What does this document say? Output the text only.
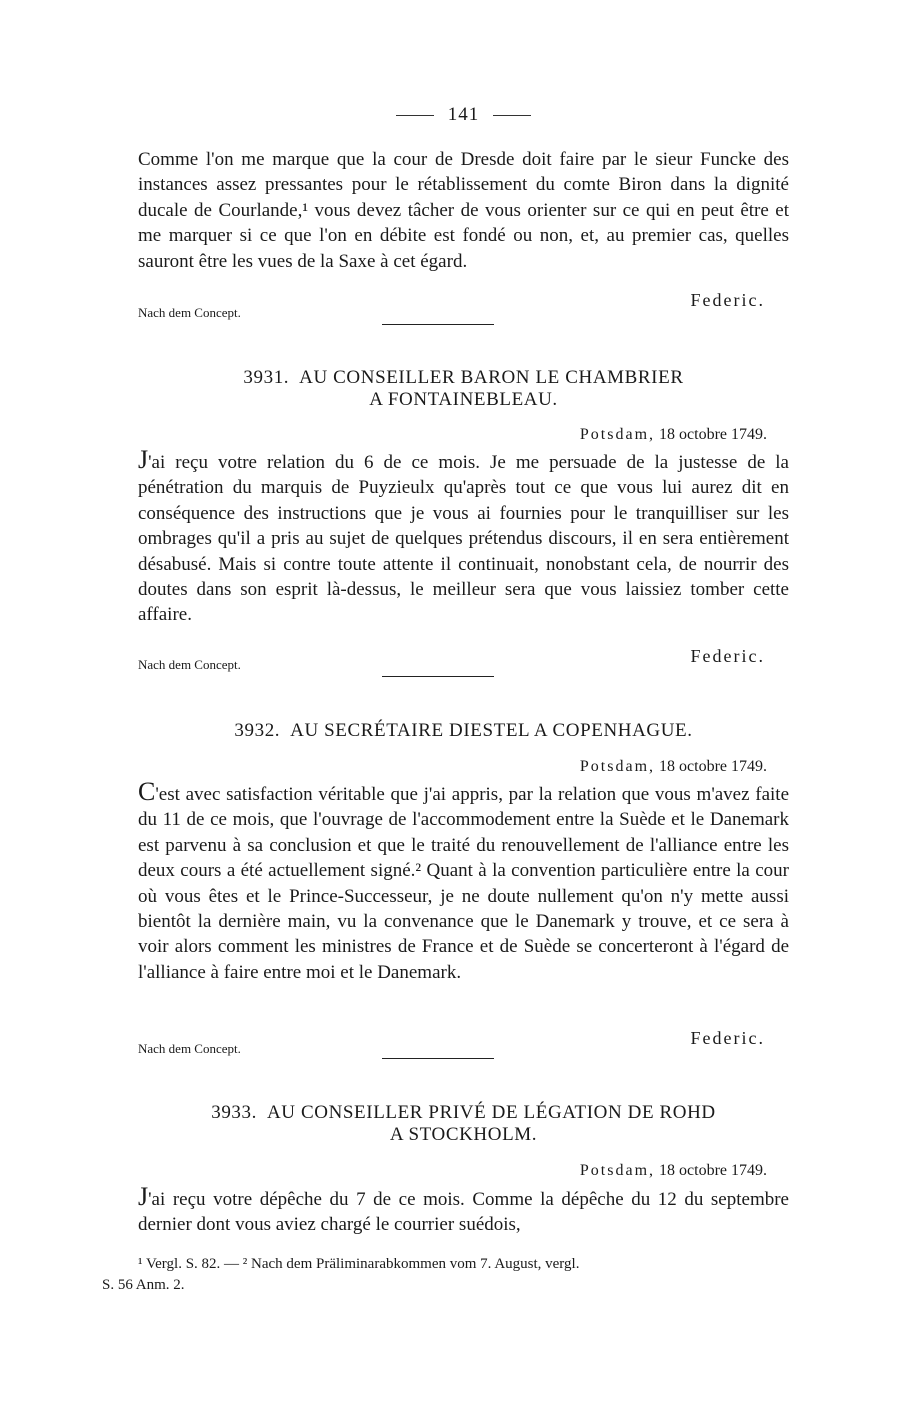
141

Comme l'on me marque que la cour de Dresde doit faire par le sieur Funcke des instances assez pressantes pour le rétablissement du comte Biron dans la dignité ducale de Courlande,¹ vous devez tâcher de vous orienter sur ce qui en peut être et me marquer si ce que l'on en débite est fondé ou non, et, au premier cas, quelles sauront être les vues de la Saxe à cet égard.

Federic.
Nach dem Concept.
3931. AU CONSEILLER BARON LE CHAMBRIER
A FONTAINEBLEAU.
Potsdam, 18 octobre 1749.

J'ai reçu votre relation du 6 de ce mois. Je me persuade de la justesse de la pénétration du marquis de Puyzieulx qu'après tout ce que vous lui aurez dit en conséquence des instructions que je vous ai fournies pour le tranquilliser sur les ombrages qu'il a pris au sujet de quelques prétendus discours, il en sera entièrement désabusé. Mais si contre toute attente il continuait, nonobstant cela, de nourrir des doutes dans son esprit là-dessus, le meilleur sera que vous laissiez tomber cette affaire.

Federic.
Nach dem Concept.
3932. AU SECRÉTAIRE DIESTEL A COPENHAGUE.
Potsdam, 18 octobre 1749.

C'est avec satisfaction véritable que j'ai appris, par la relation que vous m'avez faite du 11 de ce mois, que l'ouvrage de l'accommodement entre la Suède et le Danemark est parvenu à sa conclusion et que le traité du renouvellement de l'alliance entre les deux cours a été actuellement signé.² Quant à la convention particulière entre la cour où vous êtes et le Prince-Successeur, je ne doute nullement qu'on n'y mette aussi bientôt la dernière main, vu la convenance que le Danemark y trouve, et ce sera à voir alors comment les ministres de France et de Suède se concerteront à l'égard de l'alliance à faire entre moi et le Danemark.

Federic.
Nach dem Concept.
3933. AU CONSEILLER PRIVÉ DE LÉGATION DE ROHD
A STOCKHOLM.
Potsdam, 18 octobre 1749.

J'ai reçu votre dépêche du 7 de ce mois. Comme la dépêche du 12 du septembre dernier dont vous aviez chargé le courrier suédois,

¹ Vergl. S. 82. — ² Nach dem Präliminarabkommen vom 7. August, vergl.
S. 56 Anm. 2.
